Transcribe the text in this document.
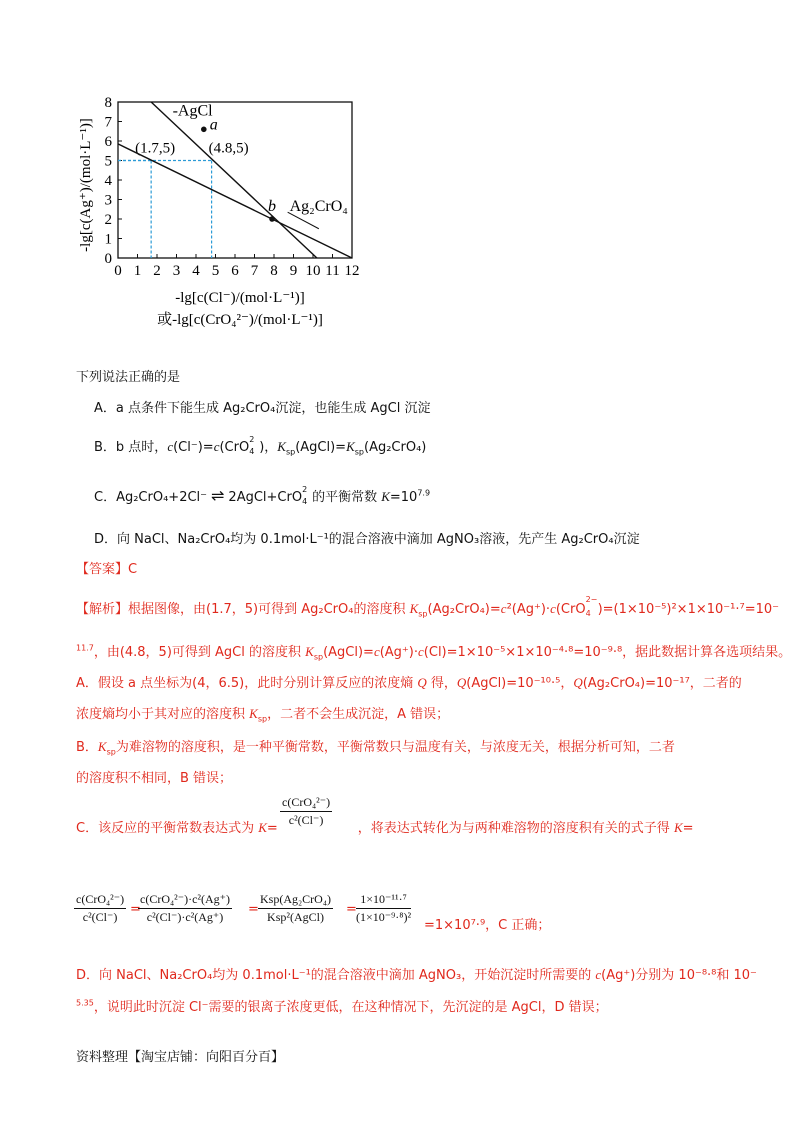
0 1 2 3 4 5 6 7 8 9 10 11 12
0
1
2
3
4
5
6
7
8
(1.7,5) (4.8,5)
-AgCl
Ag₂CrO₄
a
b
-lg[c(Ag⁺)/(mol·L⁻¹)]
-lg[c(Cl⁻)/(mol·L⁻¹)]
或-lg[c(CrO₄²⁻)/(mol·L⁻¹)]
下列说法正确的是
A．a 点条件下能生成 Ag₂CrO₄沉淀，也能生成 AgCl 沉淀
B．b 点时，c(Cl⁻)=c(CrO
2
4 )，$K_{sp}(AgCl)=K_{sp}(Ag_2CrO_4)$
C．Ag₂CrO₄+2Cl⁻ ⇌ 2AgCl+CrO
2
4 的平衡常数 $K=10^{7.9}$
D．向 NaCl、Na₂CrO₄均为 0.1mol·L⁻¹的混合溶液中滴加 AgNO₃溶液，先产生 Ag₂CrO₄沉淀
【答案】C
【解析】根据图像，由(1.7，5)可得到 Ag₂CrO₄的溶度积 $K_{sp}(Ag_2CrO_4)=c^2(Ag^+)\cdot c(CrO$
2−
4 )=(1×10⁻⁵)²×1×10⁻¹·⁷=10⁻
$^{11.7}$，由(4.8，5)可得到 AgCl 的溶度积 $K_{sp}(AgCl)=c(Ag^+)\cdot c(Cl)=1\times 10^{-5}\times 1\times 10^{-4}\cdot^8=10^{-9}\cdot^8$，据此数据计算各选项结果。
A．假设 a 点坐标为(4，6.5)，此时分别计算反应的浓度熵 Q 得，Q(AgCl)=10⁻¹⁰·⁵，Q(Ag₂CrO₄)=10⁻¹⁷，二者的
浓度熵均小于其对应的溶度积 $K_{sp}$，二者不会生成沉淀，A 错误；
B．$K_{sp}$为难溶物的溶度积，是一种平衡常数，平衡常数只与温度有关，与浓度无关，根据分析可知，二者
的溶度积不相同，B 错误；
C．该反应的平衡常数表达式为 K=	，将表达式转化为与两种难溶物的溶度积有关的式子得 K=
c(CrO₄²⁻)
c²(Cl⁻)
c(CrO₄²⁻)
c²(Cl⁻) =
c(CrO₄²⁻)·c²(Ag⁺)
c²(Cl⁻)·c²(Ag⁺)	=
Ksp(Ag₂CrO₄)
Ksp²(AgCl)	= $\frac{\text{1×10⁻¹¹·⁷}}{\text{(1×10⁻⁹·⁸)²}}$
=1×10⁷·⁹，C 正确；
D．向 NaCl、Na₂CrO₄均为 0.1mol·L⁻¹的混合溶液中滴加 AgNO₃，开始沉淀时所需要的 c(Ag⁺)分别为 10⁻⁸·⁸和 10⁻
$^{5.35}$，说明此时沉淀 Cl⁻需要的银离子浓度更低，在这种情况下，先沉淀的是 AgCl，D 错误；
资料整理【淘宝店铺：向阳百分百】
